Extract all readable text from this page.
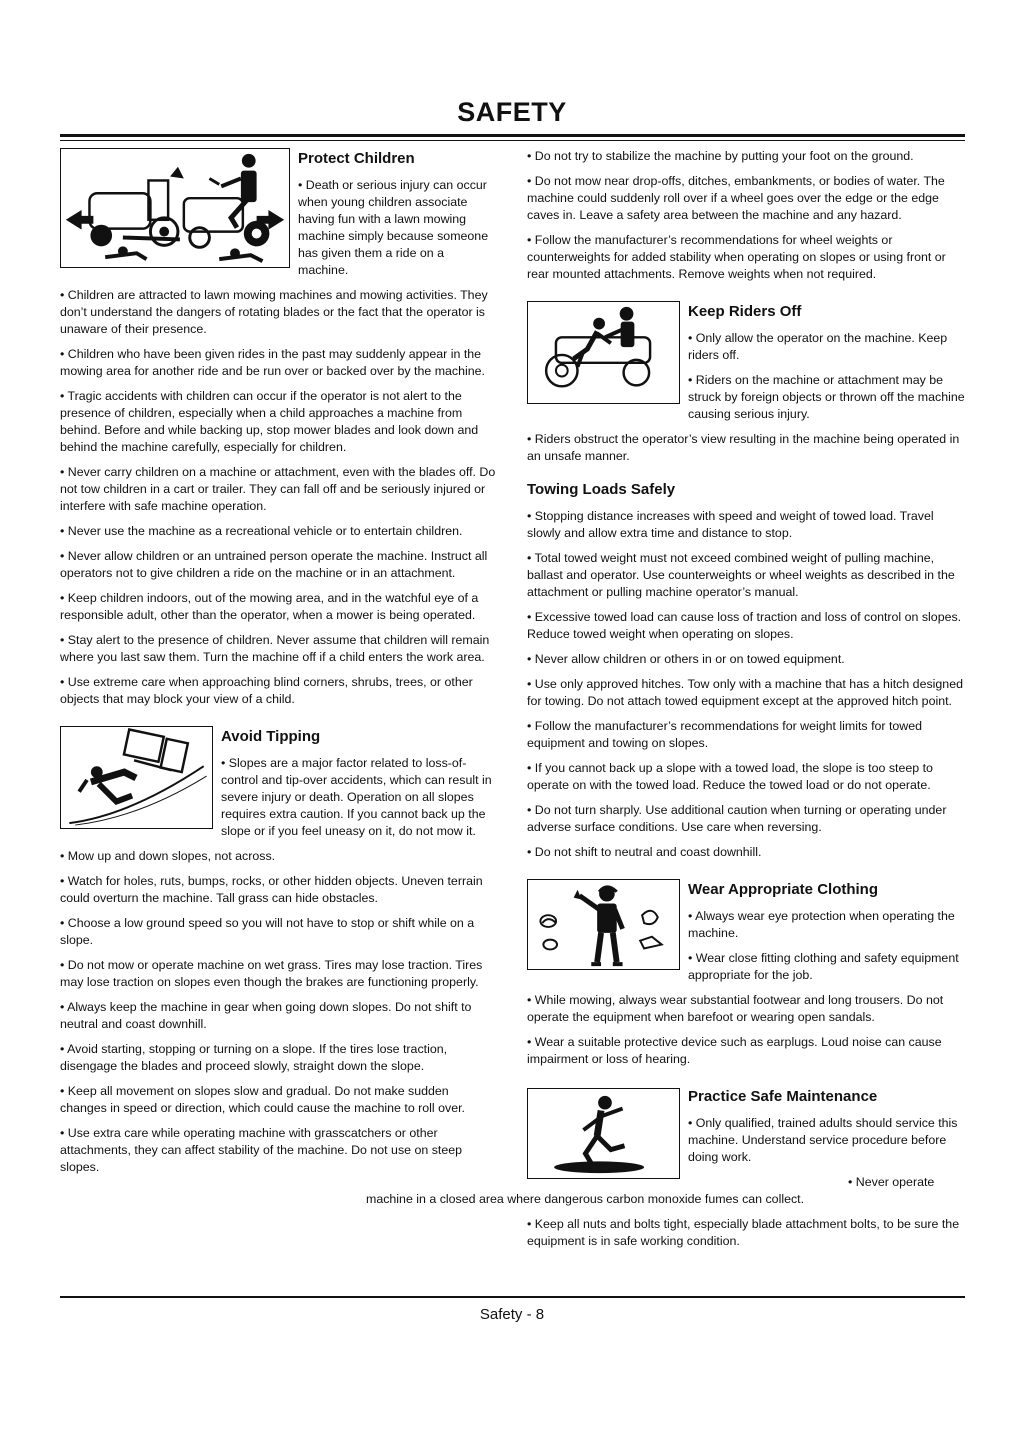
SAFETY
Protect Children

• Death or serious injury can occur when young children associate having fun with a lawn mowing machine simply because someone has given them a ride on a machine.

• Children are attracted to lawn mowing machines and mowing activities. They don’t understand the dangers of rotating blades or the fact that the operator is unaware of their presence.

• Children who have been given rides in the past may suddenly appear in the mowing area for another ride and be run over or backed over by the machine.

• Tragic accidents with children can occur if the operator is not alert to the presence of children, especially when a child approaches a machine from behind. Before and while backing up, stop mower blades and look down and behind the machine carefully, especially for children.

• Never carry children on a machine or attachment, even with the blades off. Do not tow children in a cart or trailer. They can fall off and be seriously injured or interfere with safe machine operation.

• Never use the machine as a recreational vehicle or to entertain children.

• Never allow children or an untrained person operate the machine. Instruct all operators not to give children a ride on the machine or in an attachment.

• Keep children indoors, out of the mowing area, and in the watchful eye of a responsible adult, other than the operator, when a mower is being operated.

• Stay alert to the presence of children. Never assume that children will remain where you last saw them. Turn the machine off if a child enters the work area.

• Use extreme care when approaching blind corners, shrubs, trees, or other objects that may block your view of a child.

Avoid Tipping

• Slopes are a major factor related to loss-of-control and tip-over accidents, which can result in severe injury or death. Operation on all slopes requires extra caution. If you cannot back up the slope or if you feel uneasy on it, do not mow it.

• Mow up and down slopes, not across.

• Watch for holes, ruts, bumps, rocks, or other hidden objects. Uneven terrain could overturn the machine. Tall grass can hide obstacles.

• Choose a low ground speed so you will not have to stop or shift while on a slope.

• Do not mow or operate machine on wet grass. Tires may lose traction. Tires may lose traction on slopes even though the brakes are functioning properly.

• Always keep the machine in gear when going down slopes. Do not shift to neutral and coast downhill.

• Avoid starting, stopping or turning on a slope. If the tires lose traction, disengage the blades and proceed slowly, straight down the slope.

• Keep all movement on slopes slow and gradual. Do not make sudden changes in speed or direction, which could cause the machine to roll over.

• Use extra care while operating machine with grasscatchers or other attachments, they can affect stability of the machine. Do not use on steep slopes.

• Do not try to stabilize the machine by putting your foot on the ground.

• Do not mow near drop-offs, ditches, embankments, or bodies of water. The machine could suddenly roll over if a wheel goes over the edge or the edge caves in. Leave a safety area between the machine and any hazard.

• Follow the manufacturer’s recommendations for wheel weights or counterweights for added stability when operating on slopes or using front or rear mounted attachments. Remove weights when not required.

Keep Riders Off

• Only allow the operator on the machine. Keep riders off.

• Riders on the machine or attachment may be struck by foreign objects or thrown off the machine causing serious injury.

• Riders obstruct the operator’s view resulting in the machine being operated in an unsafe manner.

Towing Loads Safely

• Stopping distance increases with speed and weight of towed load. Travel slowly and allow extra time and distance to stop.

• Total towed weight must not exceed combined weight of pulling machine, ballast and operator. Use counterweights or wheel weights as described in the attachment or pulling machine operator’s manual.

• Excessive towed load can cause loss of traction and loss of control on slopes. Reduce towed weight when operating on slopes.

• Never allow children or others in or on towed equipment.

• Use only approved hitches. Tow only with a machine that has a hitch designed for towing. Do not attach towed equipment except at the approved hitch point.

• Follow the manufacturer’s recommendations for weight limits for towed equipment and towing on slopes.

• If you cannot back up a slope with a towed load, the slope is too steep to operate on with the towed load. Reduce the towed load or do not operate.

• Do not turn sharply. Use additional caution when turning or operating under adverse surface conditions. Use care when reversing.

• Do not shift to neutral and coast downhill.

Wear Appropriate Clothing

• Always wear eye protection when operating the machine.

• Wear close fitting clothing and safety equipment appropriate for the job.

• While mowing, always wear substantial footwear and long trousers. Do not operate the equipment when barefoot or wearing open sandals.

• Wear a suitable protective device such as earplugs. Loud noise can cause impairment or loss of hearing.

Practice Safe Maintenance

• Only qualified, trained adults should service this machine. Understand service procedure before doing work.

• Never operate machine in a closed area where dangerous carbon monoxide fumes can collect.

• Keep all nuts and bolts tight, especially blade attachment bolts, to be sure the equipment is in safe working condition.

Safety - 8
